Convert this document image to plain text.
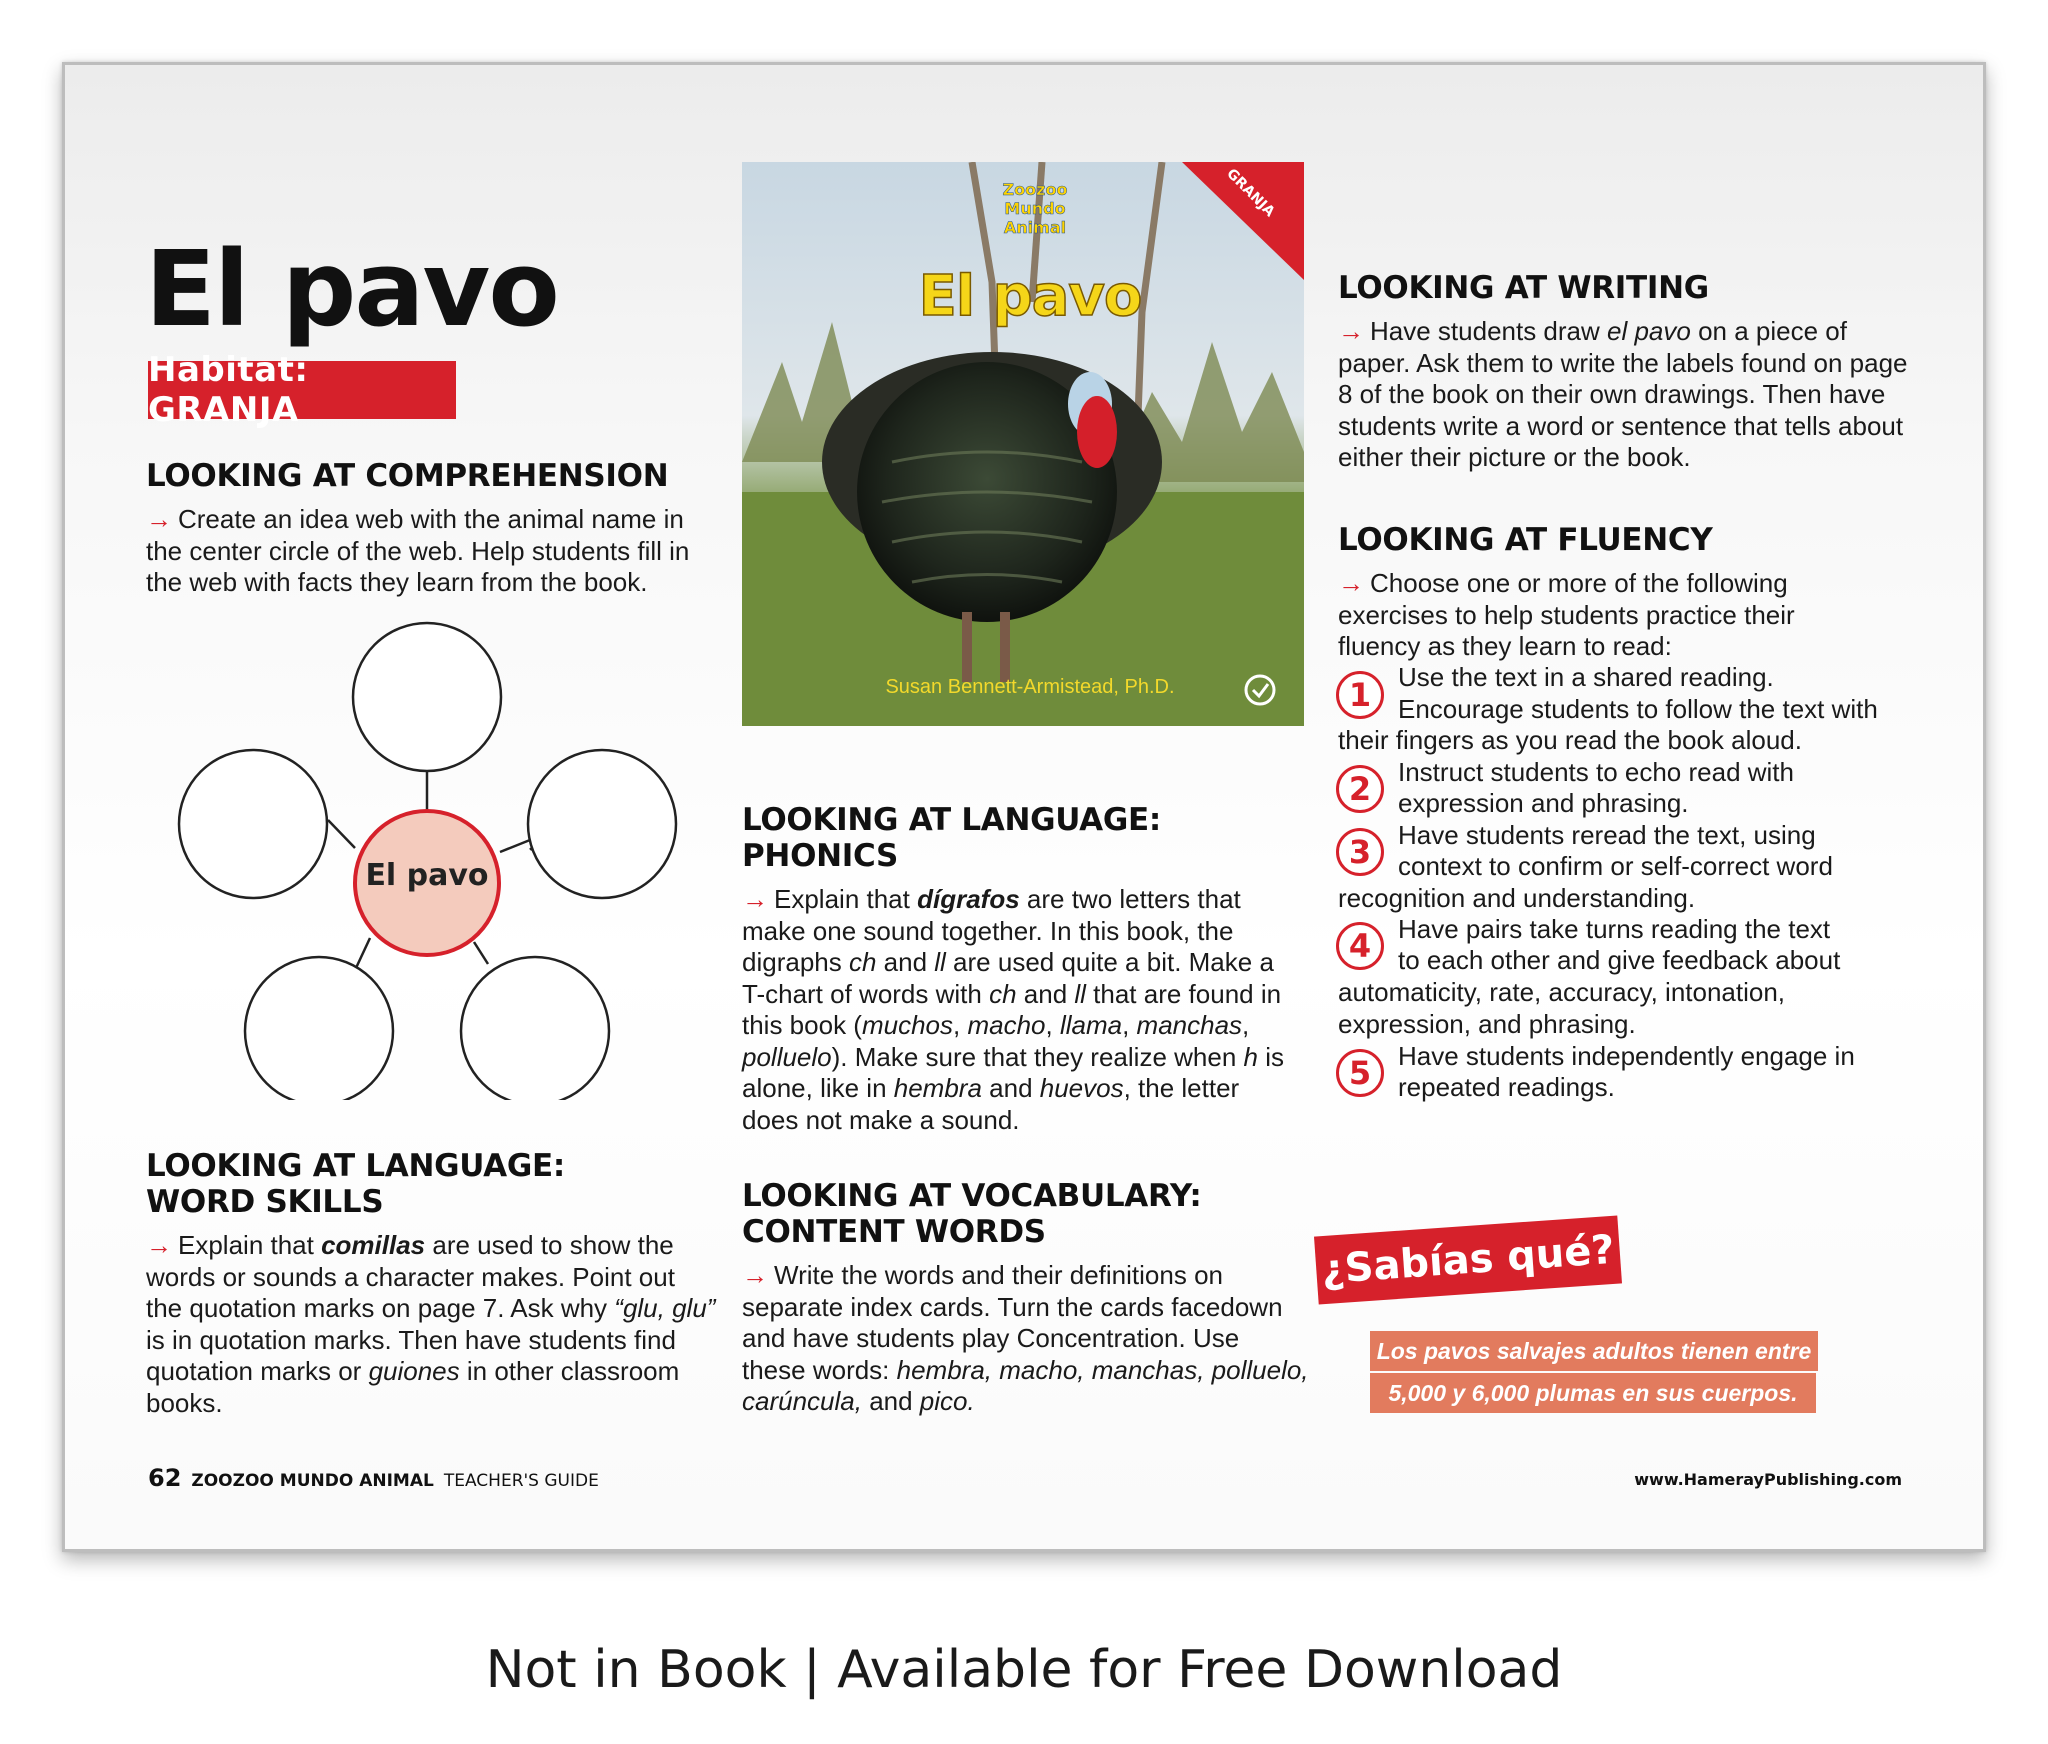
El pavo
Habitat: GRANJA
LOOKING AT COMPREHENSION
→ Create an idea web with the animal name in the center circle of the web. Help students fill in the web with facts they learn from the book.
El pavo
LOOKING AT LANGUAGE:
WORD SKILLS
→ Explain that comillas are used to show the words or sounds a character makes. Point out the quotation marks on page 7. Ask why “glu, glu” is in quotation marks. Then have students find quotation marks or guiones in other classroom books.
Zoozoo Mundo Animal
El pavo
GRANJA
Susan Bennett-Armistead, Ph.D.
LOOKING AT LANGUAGE:
PHONICS
→ Explain that dígrafos are two letters that make one sound together. In this book, the digraphs ch and ll are used quite a bit. Make a T-chart of words with ch and ll that are found in this book (muchos, macho, llama, manchas, polluelo). Make sure that they realize when h is alone, like in hembra and huevos, the letter does not make a sound.
LOOKING AT VOCABULARY:
CONTENT WORDS
→ Write the words and their definitions on separate index cards. Turn the cards facedown and have students play Concentration. Use these words: hembra, macho, manchas, polluelo, carúncula, and pico.
LOOKING AT WRITING
→ Have students draw el pavo on a piece of paper. Ask them to write the labels found on page 8 of the book on their own drawings. Then have students write a word or sentence that tells about either their picture or the book.
LOOKING AT FLUENCY
→ Choose one or more of the following exercises to help students practice their fluency as they learn to read:
1	Use the text in a shared reading.
Encourage students to follow the text with
their fingers as you read the book aloud.
2	Instruct students to echo read with
expression and phrasing.
3	Have students reread the text, using
context to confirm or self-correct word
recognition and understanding.
4	Have pairs take turns reading the text
to each other and give feedback about
automaticity, rate, accuracy, intonation, expression, and phrasing.
5	Have students independently engage in
repeated readings.
¿Sabías qué?
Los pavos salvajes adultos tienen entre
5,000 y 6,000 plumas en sus cuerpos.
62 ZOOZOO MUNDO ANIMAL TEACHER'S GUIDE	www.HamerayPublishing.com
Not in Book | Available for Free Download
